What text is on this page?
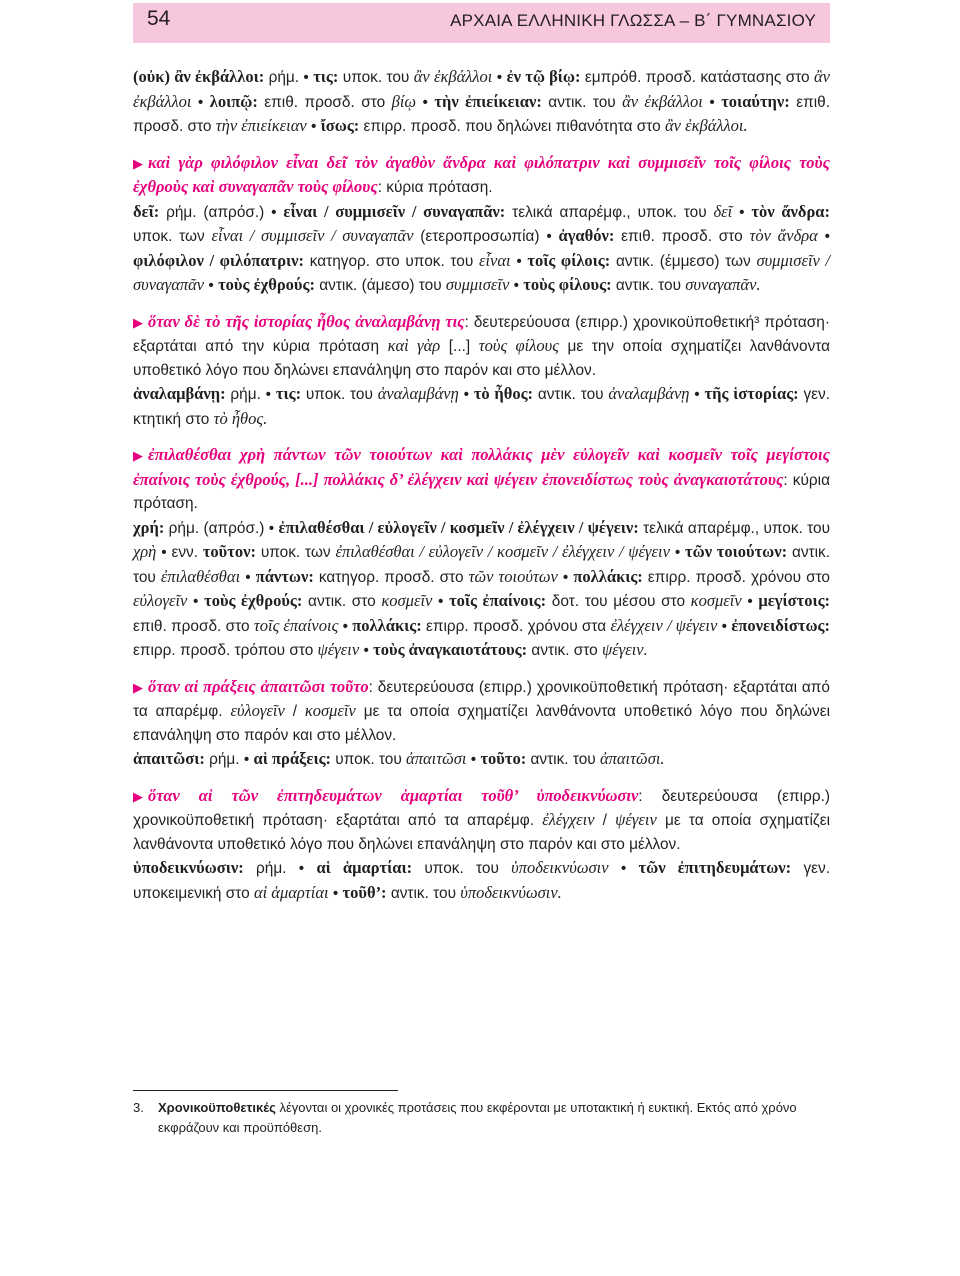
54	ΑΡΧΑΙΑ ΕΛΛΗΝΙΚΗ ΓΛΩΣΣΑ – Β΄ ΓΥΜΝΑΣΙΟΥ

(οὐκ) ἂν ἐκβάλλοι: ρήμ. • τις: υποκ. του ἂν ἐκβάλλοι • ἐν τῷ βίῳ: εμπρόθ. προσδ. κατάστασης στο ἂν ἐκβάλλοι • λοιπῷ: επιθ. προσδ. στο βίῳ • τὴν ἐπιείκειαν: αντικ. του ἂν ἐκβάλλοι • τοιαύτην: επιθ. προσδ. στο τὴν ἐπιείκειαν • ἴσως: επιρρ. προσδ. που δηλώνει πιθανότητα στο ἂν ἐκβάλλοι.

▶ καὶ γὰρ φιλόφιλον εἶναι δεῖ τὸν ἀγαθὸν ἄνδρα καὶ φιλόπατριν καὶ συμμισεῖν τοῖς φίλοις τοὺς ἐχθροὺς καὶ συναγαπᾶν τοὺς φίλους: κύρια πρόταση.

δεῖ: ρήμ. (απρόσ.) • εἶναι / συμμισεῖν / συναγαπᾶν: τελικά απαρέμφ., υποκ. του δεῖ • τὸν ἄνδρα: υποκ. των εἶναι / συμμισεῖν / συναγαπᾶν (ετεροπροσωπία) • ἀγαθόν: επιθ. προσδ. στο τὸν ἄνδρα • φιλόφιλον / φιλόπατριν: κατηγορ. στο υποκ. του εἶναι • τοῖς φίλοις: αντικ. (έμμεσο) των συμμισεῖν / συναγαπᾶν • τοὺς ἐχθρούς: αντικ. (άμεσο) του συμμισεῖν • τοὺς φίλους: αντικ. του συναγαπᾶν.

▶ ὅταν δὲ τὸ τῆς ἱστορίας ἦθος ἀναλαμβάνῃ τις: δευτερεύουσα (επιρρ.) χρονικοϋποθετική³ πρόταση· εξαρτάται από την κύρια πρόταση καὶ γὰρ [...] τοὺς φίλους με την οποία σχηματίζει λανθάνοντα υποθετικό λόγο που δηλώνει επανάληψη στο παρόν και στο μέλλον.

ἀναλαμβάνῃ: ρήμ. • τις: υποκ. του ἀναλαμβάνῃ • τὸ ἦθος: αντικ. του ἀναλαμβάνῃ • τῆς ἱστορίας: γεν. κτητική στο τὸ ἦθος.

▶ ἐπιλαθέσθαι χρὴ πάντων τῶν τοιούτων καὶ πολλάκις μὲν εὐλογεῖν καὶ κοσμεῖν τοῖς μεγίστοις ἐπαίνοις τοὺς ἐχθρούς, [...] πολλάκις δ’ ἐλέγχειν καὶ ψέγειν ἐπονειδίστως τοὺς ἀναγκαιοτάτους: κύρια πρόταση.

χρή: ρήμ. (απρόσ.) • ἐπιλαθέσθαι / εὐλογεῖν / κοσμεῖν / ἐλέγχειν / ψέγειν: τελικά απαρέμφ., υποκ. του χρὴ • ενν. τοῦτον: υποκ. των ἐπιλαθέσθαι / εὐλογεῖν / κοσμεῖν / ἐλέγχειν / ψέγειν • τῶν τοιούτων: αντικ. του ἐπιλαθέσθαι • πάντων: κατηγορ. προσδ. στο τῶν τοιούτων • πολλάκις: επιρρ. προσδ. χρόνου στο εὐλογεῖν • τοὺς ἐχθρούς: αντικ. στο κοσμεῖν • τοῖς ἐπαίνοις: δοτ. του μέσου στο κοσμεῖν • μεγίστοις: επιθ. προσδ. στο τοῖς ἐπαίνοις • πολλάκις: επιρρ. προσδ. χρόνου στα ἐλέγχειν / ψέγειν • ἐπονειδίστως: επιρρ. προσδ. τρόπου στο ψέγειν • τοὺς ἀναγκαιοτάτους: αντικ. στο ψέγειν.

▶ ὅταν αἱ πράξεις ἀπαιτῶσι τοῦτο: δευτερεύουσα (επιρρ.) χρονικοϋποθετική πρόταση· εξαρτάται από τα απαρέμφ. εὐλογεῖν / κοσμεῖν με τα οποία σχηματίζει λανθάνοντα υποθετικό λόγο που δηλώνει επανάληψη στο παρόν και στο μέλλον.

ἀπαιτῶσι: ρήμ. • αἱ πράξεις: υποκ. του ἀπαιτῶσι • τοῦτο: αντικ. του ἀπαιτῶσι.

▶ ὅταν αἱ τῶν ἐπιτηδευμάτων ἁμαρτίαι τοῦθ’ ὑποδεικνύωσιν: δευτερεύουσα (επιρρ.) χρονικοϋποθετική πρόταση· εξαρτάται από τα απαρέμφ. ἐλέγχειν / ψέγειν με τα οποία σχηματίζει λανθάνοντα υποθετικό λόγο που δηλώνει επανάληψη στο παρόν και στο μέλλον.

ὑποδεικνύωσιν: ρήμ. • αἱ ἁμαρτίαι: υποκ. του ὑποδεικνύωσιν • τῶν ἐπιτηδευμάτων: γεν. υποκειμενική στο αἱ ἁμαρτίαι • τοῦθ’: αντικ. του ὑποδεικνύωσιν.

3. Χρονικοϋποθετικές λέγονται οι χρονικές προτάσεις που εκφέρονται με υποτακτική ή ευκτική. Εκτός από χρόνο εκφράζουν και προϋπόθεση.
